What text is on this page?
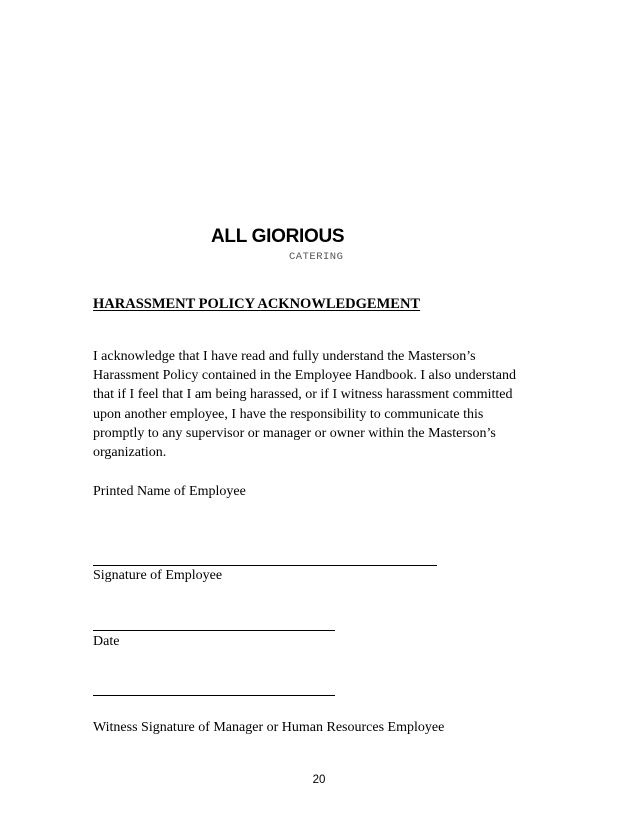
ALL GIORIOUS
CATERING
HARASSMENT POLICY ACKNOWLEDGEMENT
I acknowledge that I have read and fully understand the Masterson’s Harassment Policy contained in the Employee Handbook. I also understand that if I feel that I am being harassed, or if I witness harassment committed upon another employee, I have the responsibility to communicate this promptly to any supervisor or manager or owner within the Masterson’s organization.
Printed Name of Employee
Signature of Employee
Date
Witness Signature of Manager or Human Resources Employee
20
